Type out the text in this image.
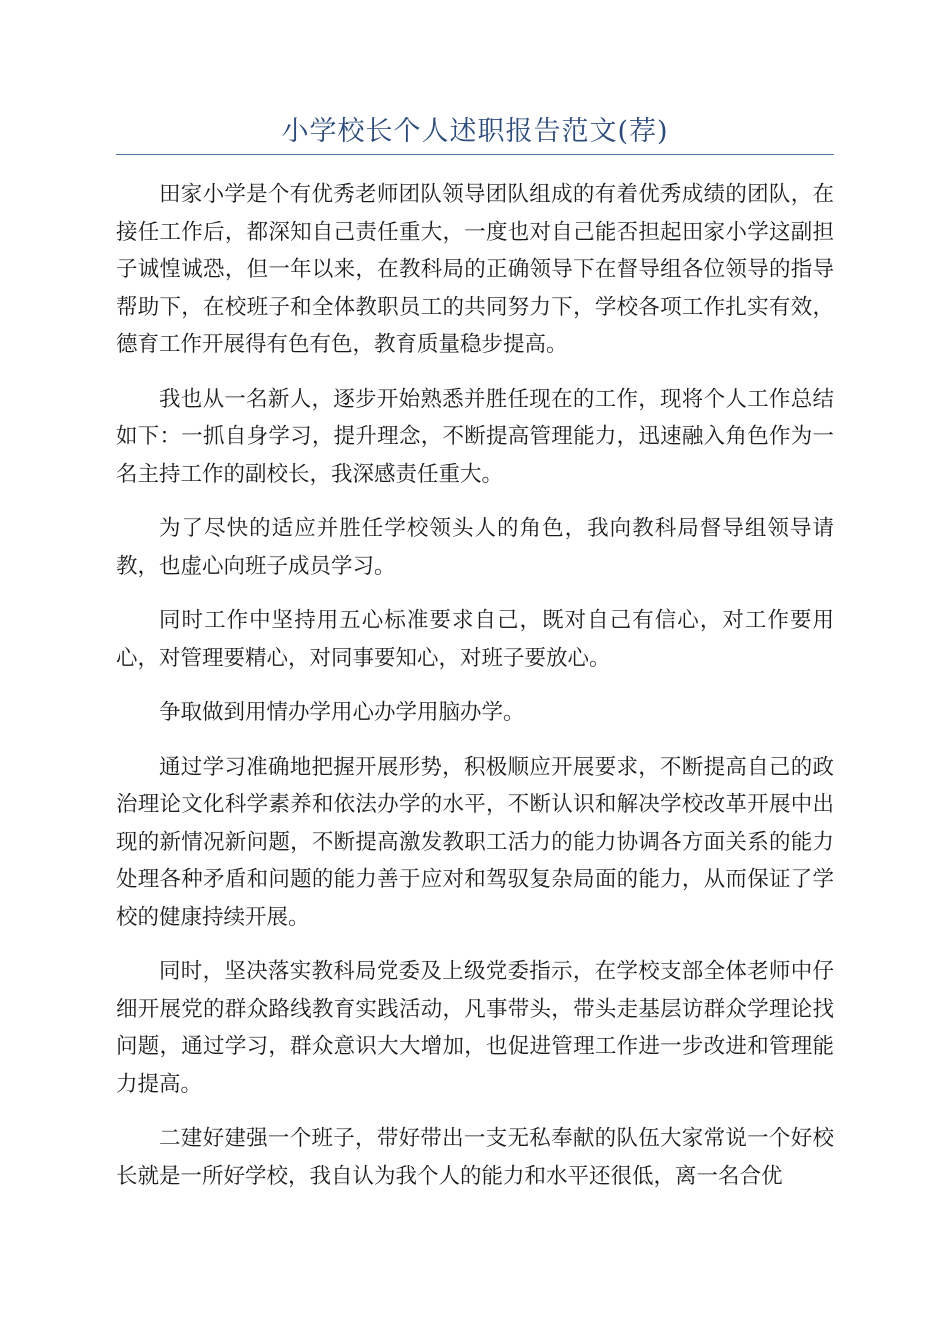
小学校长个人述职报告范文(荐)

田家小学是个有优秀老师团队领导团队组成的有着优秀成绩的团队，在接任工作后，都深知自己责任重大，一度也对自己能否担起田家小学这副担子诚惶诚恐，但一年以来，在教科局的正确领导下在督导组各位领导的指导帮助下，在校班子和全体教职员工的共同努力下，学校各项工作扎实有效，德育工作开展得有色有色，教育质量稳步提高。

我也从一名新人，逐步开始熟悉并胜任现在的工作，现将个人工作总结如下：一抓自身学习，提升理念，不断提高管理能力，迅速融入角色作为一名主持工作的副校长，我深感责任重大。

为了尽快的适应并胜任学校领头人的角色，我向教科局督导组领导请教，也虚心向班子成员学习。

同时工作中坚持用五心标准要求自己，既对自己有信心，对工作要用心，对管理要精心，对同事要知心，对班子要放心。

争取做到用情办学用心办学用脑办学。

通过学习准确地把握开展形势，积极顺应开展要求，不断提高自己的政治理论文化科学素养和依法办学的水平，不断认识和解决学校改革开展中出现的新情况新问题，不断提高激发教职工活力的能力协调各方面关系的能力处理各种矛盾和问题的能力善于应对和驾驭复杂局面的能力，从而保证了学校的健康持续开展。

同时，坚决落实教科局党委及上级党委指示，在学校支部全体老师中仔细开展党的群众路线教育实践活动，凡事带头，带头走基层访群众学理论找问题，通过学习，群众意识大大增加，也促进管理工作进一步改进和管理能力提高。

二建好建强一个班子，带好带出一支无私奉献的队伍大家常说一个好校长就是一所好学校，我自认为我个人的能力和水平还很低，离一名合优
